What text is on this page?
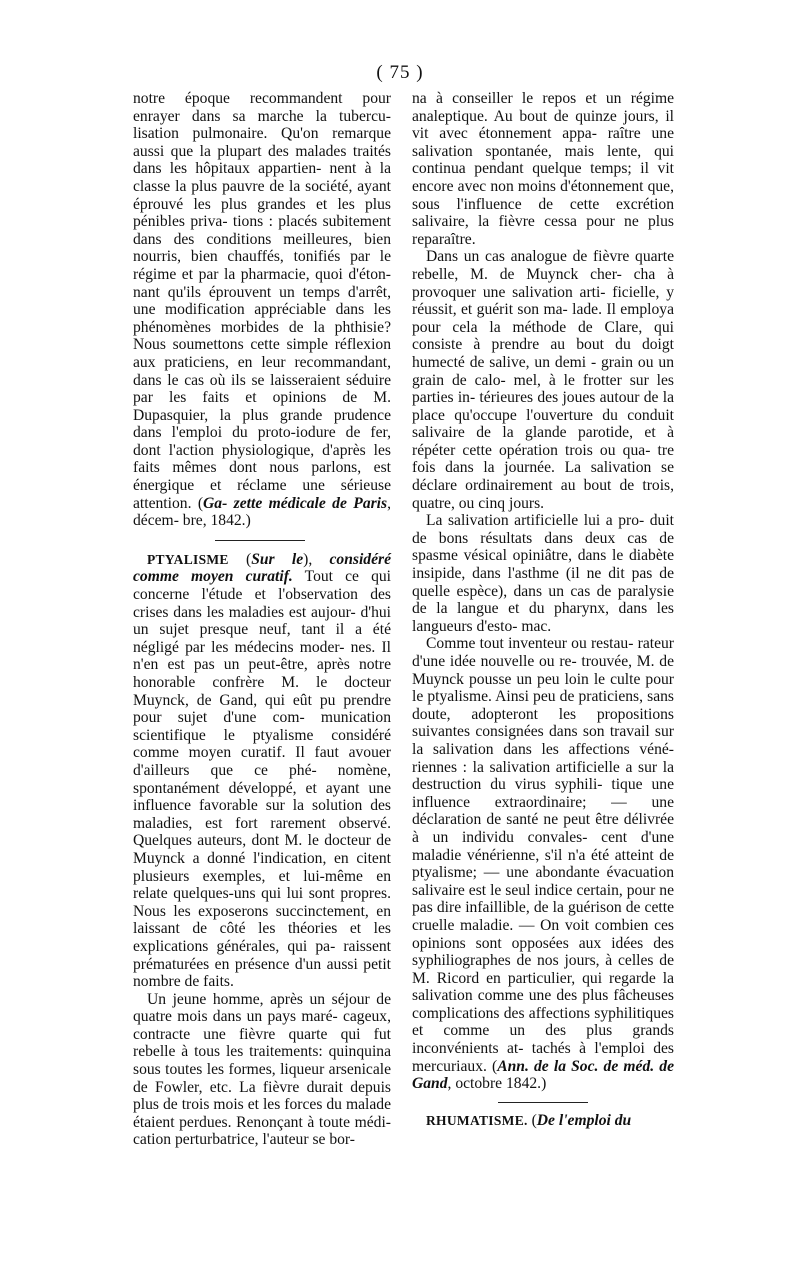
( 75 )

notre époque recommandent pour enrayer dans sa marche la tubercu- lisation pulmonaire. Qu'on remarque aussi que la plupart des malades traités dans les hôpitaux appartien- nent à la classe la plus pauvre de la société, ayant éprouvé les plus grandes et les plus pénibles priva- tions : placés subitement dans des conditions meilleures, bien nourris, bien chauffés, tonifiés par le régime et par la pharmacie, quoi d'éton- nant qu'ils éprouvent un temps d'arrêt, une modification appréciable dans les phénomènes morbides de la phthisie? Nous soumettons cette simple réflexion aux praticiens, en leur recommandant, dans le cas où ils se laisseraient séduire par les faits et opinions de M. Dupasquier, la plus grande prudence dans l'emploi du proto-iodure de fer, dont l'action physiologique, d'après les faits mêmes dont nous parlons, est énergique et réclame une sérieuse attention. (Ga- zette médicale de Paris, décem- bre, 1842.)

PTYALISME (Sur le), considéré comme moyen curatif. Tout ce qui concerne l'étude et l'observation des crises dans les maladies est aujour- d'hui un sujet presque neuf, tant il a été négligé par les médecins moder- nes. Il n'en est pas un peut-être, après notre honorable confrère M. le docteur Muynck, de Gand, qui eût pu prendre pour sujet d'une com- munication scientifique le ptyalisme considéré comme moyen curatif. Il faut avouer d'ailleurs que ce phé- nomène, spontanément développé, et ayant une influence favorable sur la solution des maladies, est fort rarement observé. Quelques auteurs, dont M. le docteur de Muynck a donné l'indication, en citent plusieurs exemples, et lui-même en relate quelques-uns qui lui sont propres. Nous les exposerons succinctement, en laissant de côté les théories et les explications générales, qui pa- raissent prématurées en présence d'un aussi petit nombre de faits.

Un jeune homme, après un séjour de quatre mois dans un pays maré- cageux, contracte une fièvre quarte qui fut rebelle à tous les traitements: quinquina sous toutes les formes, liqueur arsenicale de Fowler, etc. La fièvre durait depuis plus de trois mois et les forces du malade étaient perdues. Renonçant à toute médi- cation perturbatrice, l'auteur se bor-

na à conseiller le repos et un régime analeptique. Au bout de quinze jours, il vit avec étonnement appa- raître une salivation spontanée, mais lente, qui continua pendant quelque temps; il vit encore avec non moins d'étonnement que, sous l'influence de cette excrétion salivaire, la fièvre cessa pour ne plus reparaître.

Dans un cas analogue de fièvre quarte rebelle, M. de Muynck cher- cha à provoquer une salivation arti- ficielle, y réussit, et guérit son ma- lade. Il employa pour cela la méthode de Clare, qui consiste à prendre au bout du doigt humecté de salive, un demi - grain ou un grain de calo- mel, à le frotter sur les parties in- térieures des joues autour de la place qu'occupe l'ouverture du conduit salivaire de la glande parotide, et à répéter cette opération trois ou qua- tre fois dans la journée. La salivation se déclare ordinairement au bout de trois, quatre, ou cinq jours.

La salivation artificielle lui a pro- duit de bons résultats dans deux cas de spasme vésical opiniâtre, dans le diabète insipide, dans l'asthme (il ne dit pas de quelle espèce), dans un cas de paralysie de la langue et du pharynx, dans les langueurs d'esto- mac.

Comme tout inventeur ou restau- rateur d'une idée nouvelle ou re- trouvée, M. de Muynck pousse un peu loin le culte pour le ptyalisme. Ainsi peu de praticiens, sans doute, adopteront les propositions suivantes consignées dans son travail sur la salivation dans les affections véné- riennes : la salivation artificielle a sur la destruction du virus syphili- tique une influence extraordinaire; — une déclaration de santé ne peut être délivrée à un individu convales- cent d'une maladie vénérienne, s'il n'a été atteint de ptyalisme; — une abondante évacuation salivaire est le seul indice certain, pour ne pas dire infaillible, de la guérison de cette cruelle maladie. — On voit combien ces opinions sont opposées aux idées des syphiliographes de nos jours, à celles de M. Ricord en particulier, qui regarde la salivation comme une des plus fâcheuses complications des affections syphilitiques et comme un des plus grands inconvénients at- tachés à l'emploi des mercuriaux. (Ann. de la Soc. de méd. de Gand, octobre 1842.)

RHUMATISME. (De l'emploi du
